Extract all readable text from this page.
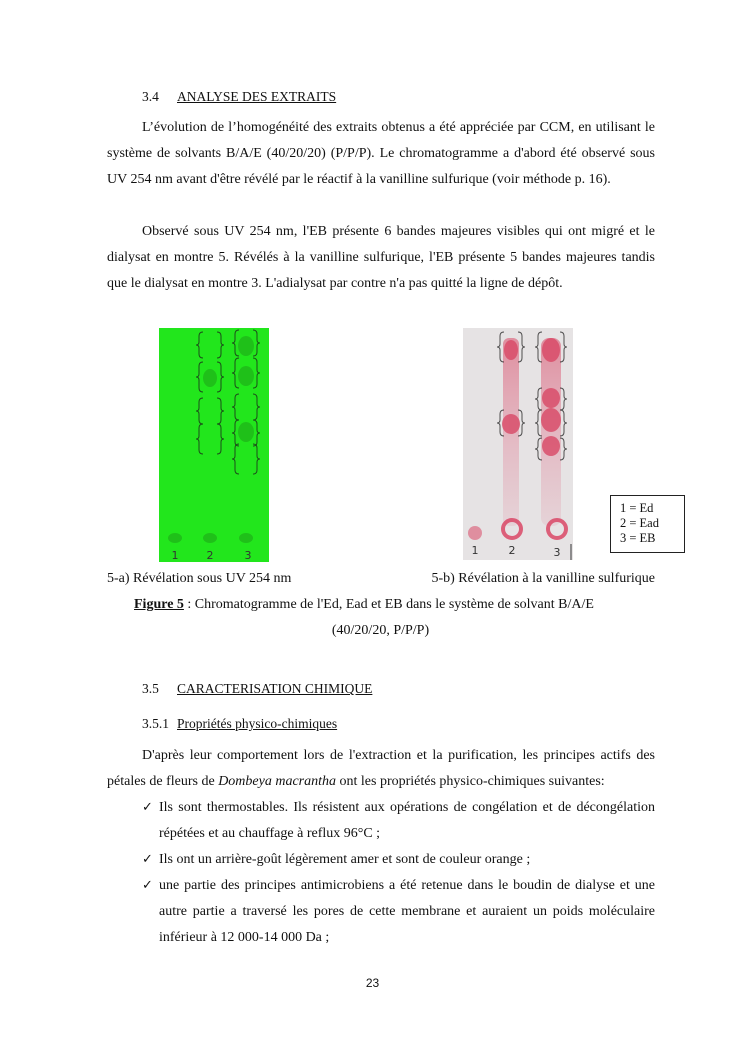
3.4 ANALYSE DES EXTRAITS

L’évolution de l’homogénéité des extraits obtenus a été appréciée par CCM, en utilisant le système de solvants B/A/E (40/20/20) (P/P/P). Le chromatogramme a d'abord été observé sous UV 254 nm avant d'être révélé par le réactif à la vanilline sulfurique (voir méthode p. 16).

Observé sous UV 254 nm, l'EB présente 6 bandes majeures visibles qui ont migré et le dialysat en montre 5. Révélés à la vanilline sulfurique, l'EB présente 5 bandes majeures tandis que le dialysat en montre 3. L'adialysat par contre n'a pas quitté la ligne de dépôt.

1	2	3	1	2	3
1 = Ed
2 = Ead
3 = EB
5-a) Révélation sous UV 254 nm	5-b) Révélation à la vanilline sulfurique
Figure 5 : Chromatogramme de l'Ed, Ead et EB dans le système de solvant B/A/E
(40/20/20, P/P/P)
3.5 CARACTERISATION CHIMIQUE
3.5.1 Propriétés physico-chimiques

D'après leur comportement lors de l'extraction et la purification, les principes actifs des pétales de fleurs de Dombeya macrantha ont les propriétés physico-chimiques suivantes:

✓ Ils sont thermostables. Ils résistent aux opérations de congélation et de décongélation répétées et au chauffage à reflux 96°C ;
✓ Ils ont un arrière-goût légèrement amer et sont de couleur orange ;
✓ une partie des principes antimicrobiens a été retenue dans le boudin de dialyse et une autre partie a traversé les pores de cette membrane et auraient un poids moléculaire inférieur à 12 000-14 000 Da ;
23
